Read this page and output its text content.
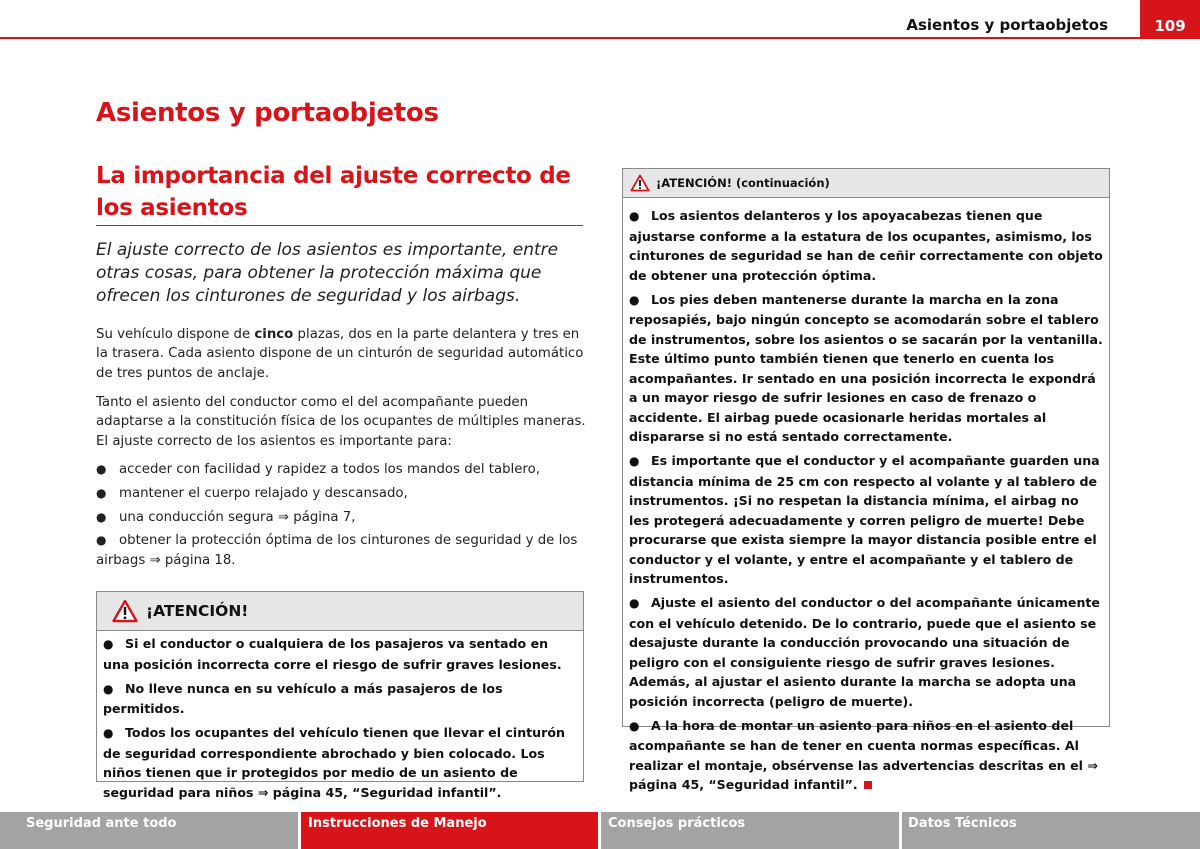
Asientos y portaobjetos	109
Asientos y portaobjetos
La importancia del ajuste correcto de los asientos
El ajuste correcto de los asientos es importante, entre otras cosas, para obtener la protección máxima que ofrecen los cinturones de seguridad y los airbags.
Su vehículo dispone de cinco plazas, dos en la parte delantera y tres en la trasera. Cada asiento dispone de un cinturón de seguridad automático de tres puntos de anclaje.
Tanto el asiento del conductor como el del acompañante pueden adaptarse a la constitución física de los ocupantes de múltiples maneras. El ajuste correcto de los asientos es importante para:
● acceder con facilidad y rapidez a todos los mandos del tablero,
● mantener el cuerpo relajado y descansado,
● una conducción segura ⇒ página 7,
● obtener la protección óptima de los cinturones de seguridad y de los airbags ⇒ página 18.
¡ATENCIÓN!

● Si el conductor o cualquiera de los pasajeros va sentado en una posición incorrecta corre el riesgo de sufrir graves lesiones.

● No lleve nunca en su vehículo a más pasajeros de los permitidos.

● Todos los ocupantes del vehículo tienen que llevar el cinturón de seguridad correspondiente abrochado y bien colocado. Los niños tienen que ir protegidos por medio de un asiento de seguridad para niños ⇒ página 45, “Seguridad infantil”.

¡ATENCIÓN! (continuación)

● Los asientos delanteros y los apoyacabezas tienen que ajustarse conforme a la estatura de los ocupantes, asimismo, los cinturones de seguridad se han de ceñir correctamente con objeto de obtener una protección óptima.

● Los pies deben mantenerse durante la marcha en la zona reposapiés, bajo ningún concepto se acomodarán sobre el tablero de instrumentos, sobre los asientos o se sacarán por la ventanilla. Este último punto también tienen que tenerlo en cuenta los acompañantes. Ir sentado en una posición incorrecta le expondrá a un mayor riesgo de sufrir lesiones en caso de frenazo o accidente. El airbag puede ocasionarle heridas mortales al dispararse si no está sentado correctamente.

● Es importante que el conductor y el acompañante guarden una distancia mínima de 25 cm con respecto al volante y al tablero de instrumentos. ¡Si no respetan la distancia mínima, el airbag no les protegerá adecuadamente y corren peligro de muerte! Debe procurarse que exista siempre la mayor distancia posible entre el conductor y el volante, y entre el acompañante y el tablero de instrumentos.

● Ajuste el asiento del conductor o del acompañante únicamente con el vehículo detenido. De lo contrario, puede que el asiento se desajuste durante la conducción provocando una situación de peligro con el consiguiente riesgo de sufrir graves lesiones. Además, al ajustar el asiento durante la marcha se adopta una posición incorrecta (peligro de muerte).

● A la hora de montar un asiento para niños en el asiento del acompañante se han de tener en cuenta normas específicas. Al realizar el montaje, obsérvense las advertencias descritas en el ⇒ página 45, “Seguridad infantil”.

Seguridad ante todo	Instrucciones de Manejo	Consejos prácticos	Datos Técnicos
